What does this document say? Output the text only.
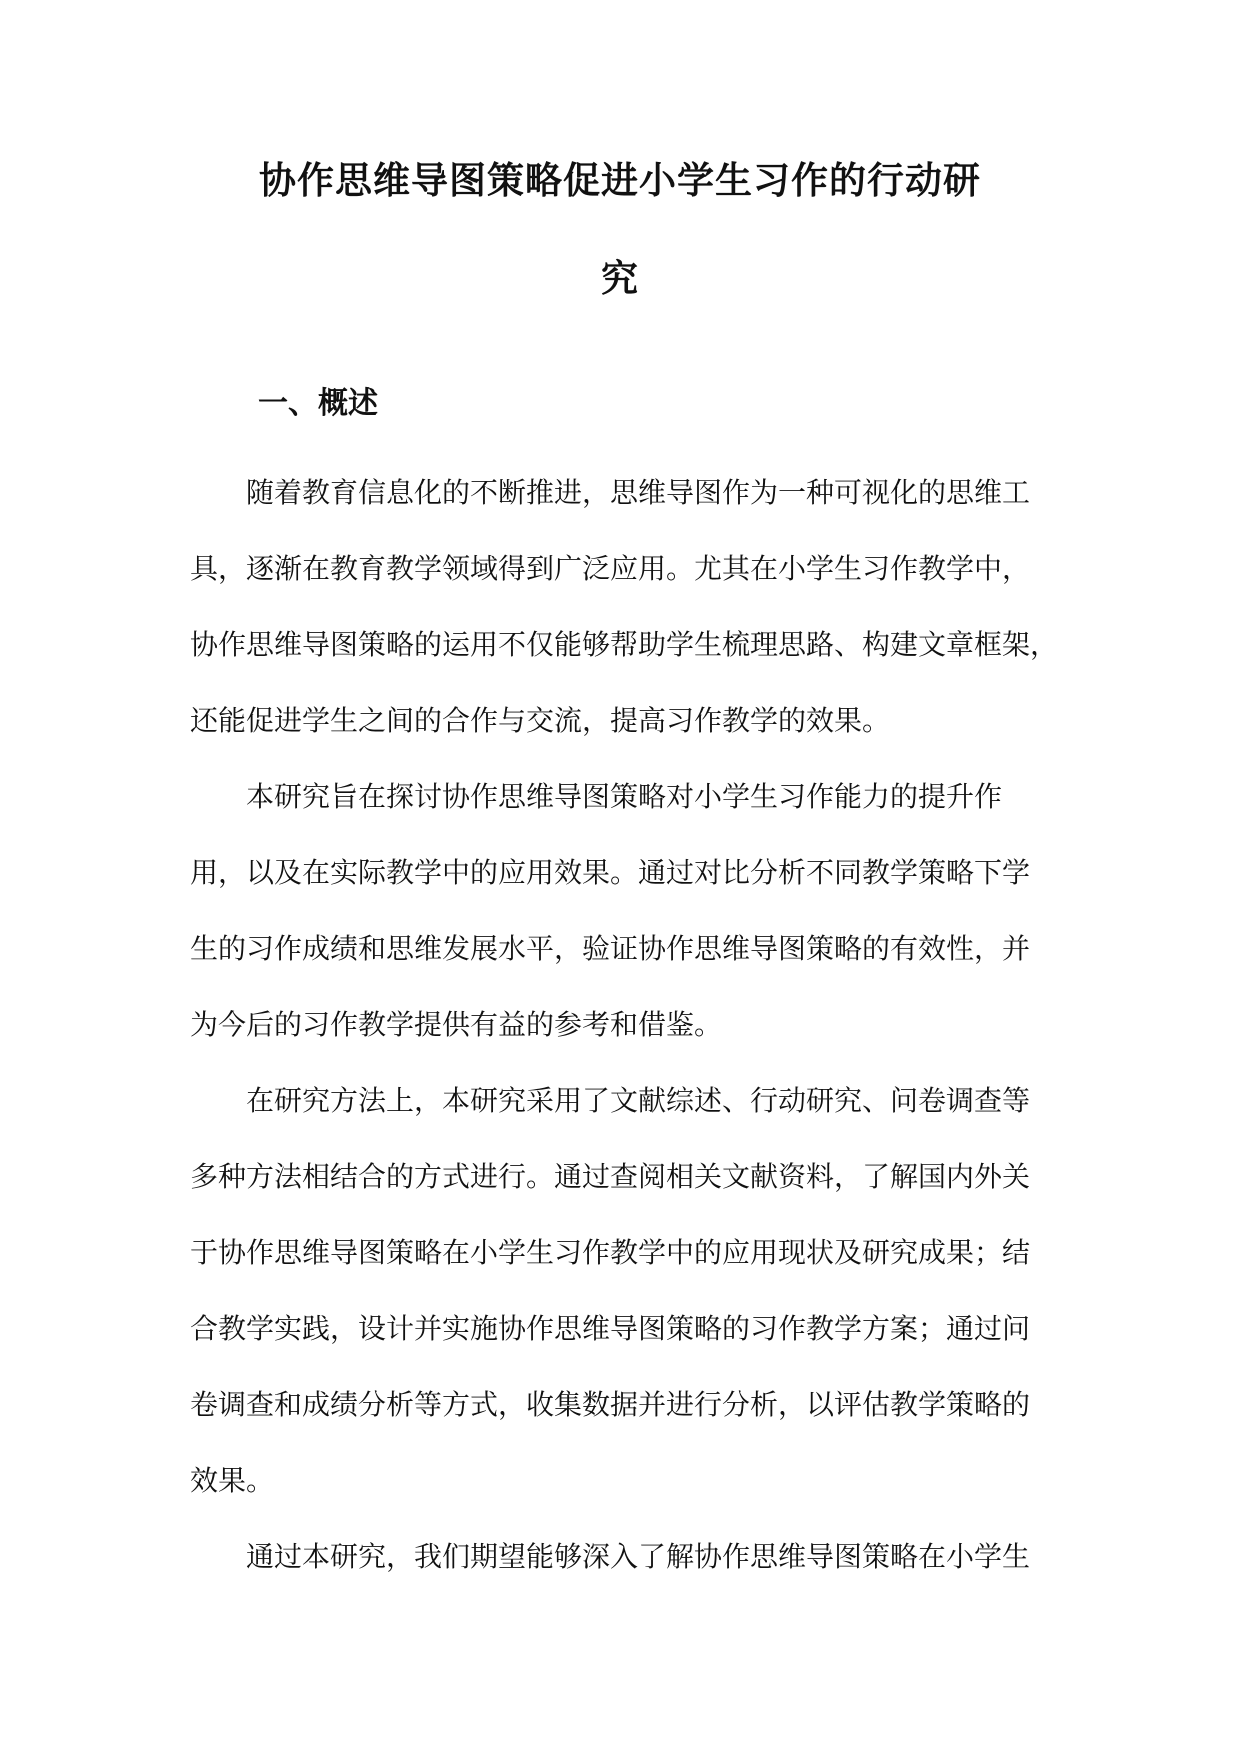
协作思维导图策略促进小学生习作的行动研
究
一、概述

随着教育信息化的不断推进，思维导图作为一种可视化的思维工
具，逐渐在教育教学领域得到广泛应用。尤其在小学生习作教学中，
协作思维导图策略的运用不仅能够帮助学生梳理思路、构建文章框架，
还能促进学生之间的合作与交流，提高习作教学的效果。

本研究旨在探讨协作思维导图策略对小学生习作能力的提升作
用，以及在实际教学中的应用效果。通过对比分析不同教学策略下学
生的习作成绩和思维发展水平，验证协作思维导图策略的有效性，并
为今后的习作教学提供有益的参考和借鉴。

在研究方法上，本研究采用了文献综述、行动研究、问卷调查等
多种方法相结合的方式进行。通过查阅相关文献资料，了解国内外关
于协作思维导图策略在小学生习作教学中的应用现状及研究成果；结
合教学实践，设计并实施协作思维导图策略的习作教学方案；通过问
卷调查和成绩分析等方式，收集数据并进行分析，以评估教学策略的
效果。

通过本研究，我们期望能够深入了解协作思维导图策略在小学生
